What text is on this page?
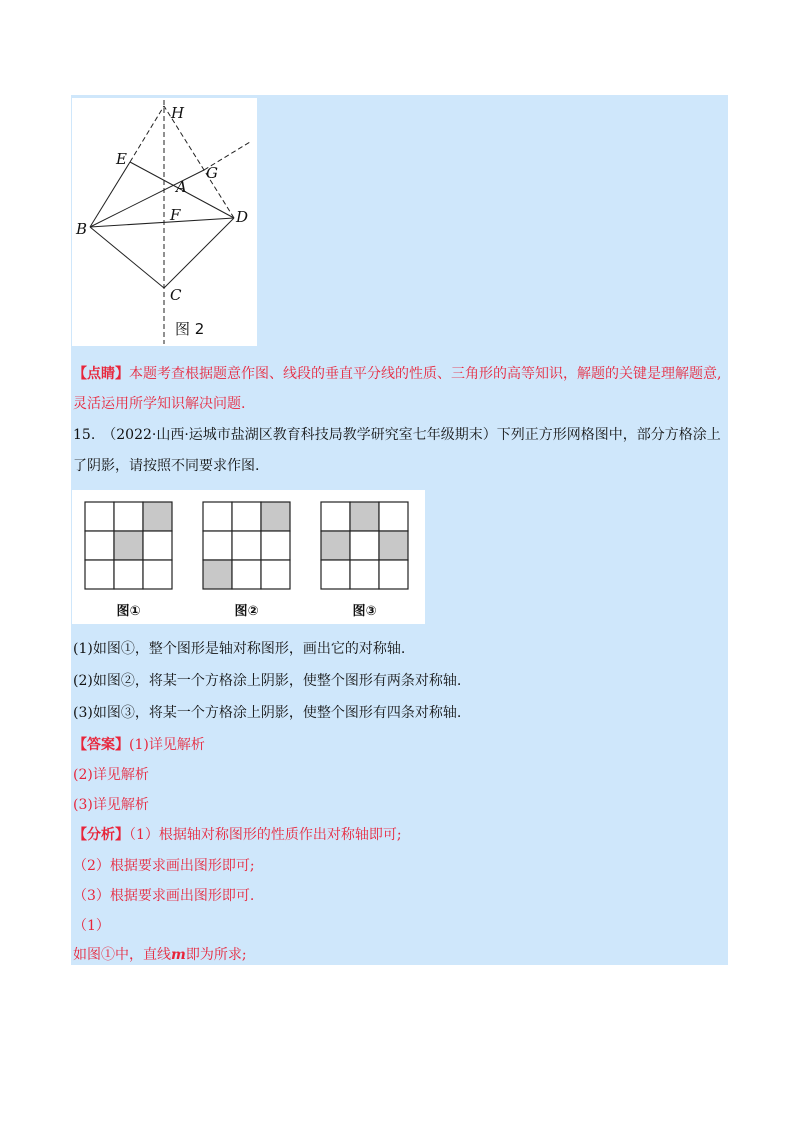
H
E
G
A
F
B
D
C
图 2
【点睛】本题考查根据题意作图、线段的垂直平分线的性质、三角形的高等知识，解题的关键是理解题意,
灵活运用所学知识解决问题.
15.　（2022·山西·运城市盐湖区教育科技局教学研究室七年级期末）下列正方形网格图中，部分方格涂上
了阴影，请按照不同要求作图.
图①	图②	图③
(1)如图①，整个图形是轴对称图形，画出它的对称轴.
(2)如图②，将某一个方格涂上阴影，使整个图形有两条对称轴.
(3)如图③，将某一个方格涂上阴影，使整个图形有四条对称轴.
【答案】(1)详见解析
(2)详见解析
(3)详见解析
【分析】（1）根据轴对称图形的性质作出对称轴即可;
（2）根据要求画出图形即可;
（3）根据要求画出图形即可.
（1）
如图①中，直线m即为所求;
